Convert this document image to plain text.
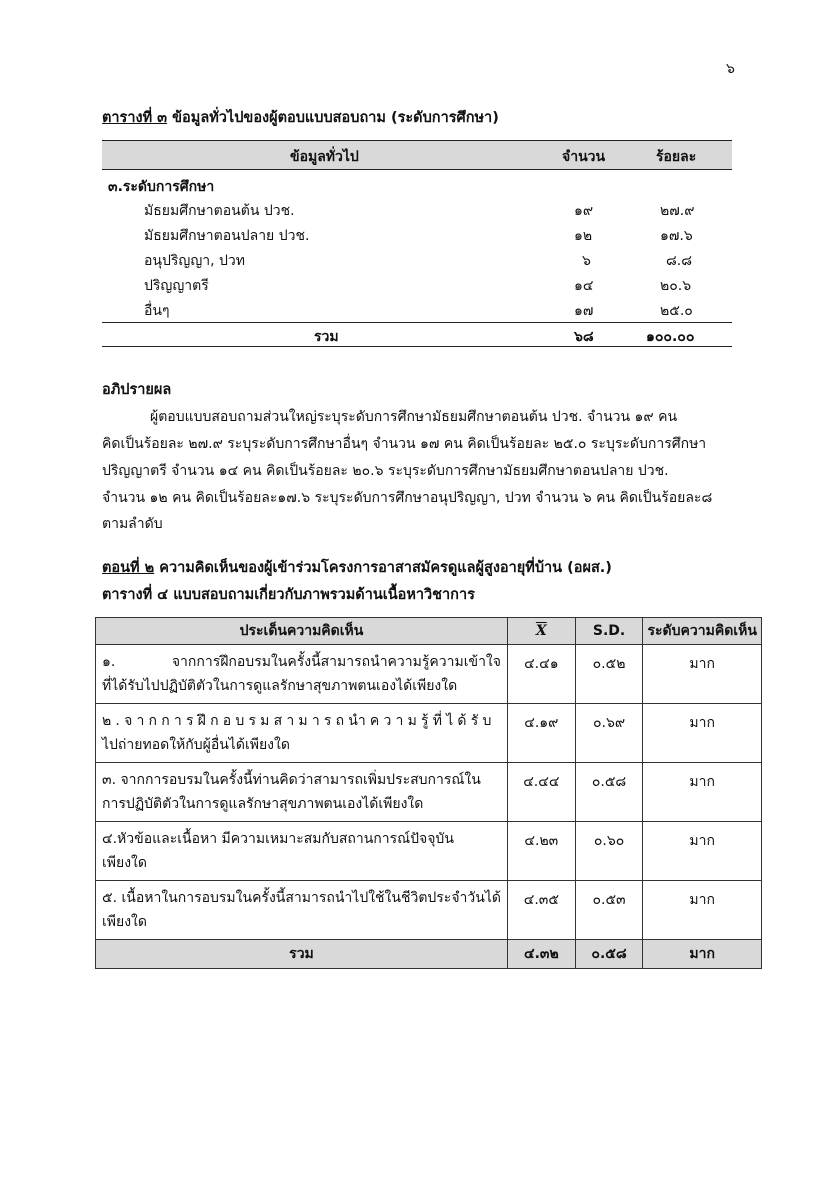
๖
ตารางที่ ๓ ข้อมูลทั่วไปของผู้ตอบแบบสอบถาม (ระดับการศึกษา)
ข้อมูลทั่วไป	จำนวน	ร้อยละ
๓.ระดับการศึกษา
มัธยมศึกษาตอนต้น ปวช.	๑๙	๒๗.๙
มัธยมศึกษาตอนปลาย ปวช.	๑๒	๑๗.๖
อนุปริญญา, ปวท	๖	๘.๘
ปริญญาตรี	๑๔	๒๐.๖
อื่นๆ	๑๗	๒๕.๐
รวม	๖๘	๑๐๐.๐๐
อภิปรายผล
ผู้ตอบแบบสอบถามส่วนใหญ่ระบุระดับการศึกษามัธยมศึกษาตอนต้น ปวช. จำนวน ๑๙ คน
คิดเป็นร้อยละ ๒๗.๙ ระบุระดับการศึกษาอื่นๆ จำนวน ๑๗ คน คิดเป็นร้อยละ ๒๕.๐ ระบุระดับการศึกษา
ปริญญาตรี จำนวน ๑๔ คน คิดเป็นร้อยละ ๒๐.๖ ระบุระดับการศึกษามัธยมศึกษาตอนปลาย ปวช.
จำนวน ๑๒ คน คิดเป็นร้อยละ๑๗.๖ ระบุระดับการศึกษาอนุปริญญา, ปวท จำนวน ๖ คน คิดเป็นร้อยละ๘
ตามลำดับ
ตอนที่ ๒ ความคิดเห็นของผู้เข้าร่วมโครงการอาสาสมัครดูแลผู้สูงอายุที่บ้าน (อผส.)
ตารางที่ ๔ แบบสอบถามเกี่ยวกับภาพรวมด้านเนื้อหาวิชาการ
ประเด็นความคิดเห็น	$\overline{X}$	S.D.	ระดับความคิดเห็น

๑. จากการฝึกอบรมในครั้งนี้สามารถนำความรู้ความเข้าใจ
ที่ได้รับไปปฏิบัติตัวในการดูแลรักษาสุขภาพตนเองได้เพียงใด	๔.๔๑	๐.๕๒	มาก

๒.จากการฝึกอบรมสามารถนำความรู้ที่ได้รับ
ไปถ่ายทอดให้กับผู้อื่นได้เพียงใด	๔.๑๙	๐.๖๙	มาก

๓. จากการอบรมในครั้งนี้ท่านคิดว่าสามารถเพิ่มประสบการณ์ใน
การปฏิบัติตัวในการดูแลรักษาสุขภาพตนเองได้เพียงใด	๔.๔๔	๐.๕๘	มาก

๔.หัวข้อและเนื้อหา มีความเหมาะสมกับสถานการณ์ปัจจุบัน
เพียงใด	๔.๒๓	๐.๖๐	มาก

๕. เนื้อหาในการอบรมในครั้งนี้สามารถนำไปใช้ในชีวิตประจำวันได้
เพียงใด	๔.๓๕	๐.๕๓	มาก
รวม	๔.๓๒	๐.๕๘	มาก
